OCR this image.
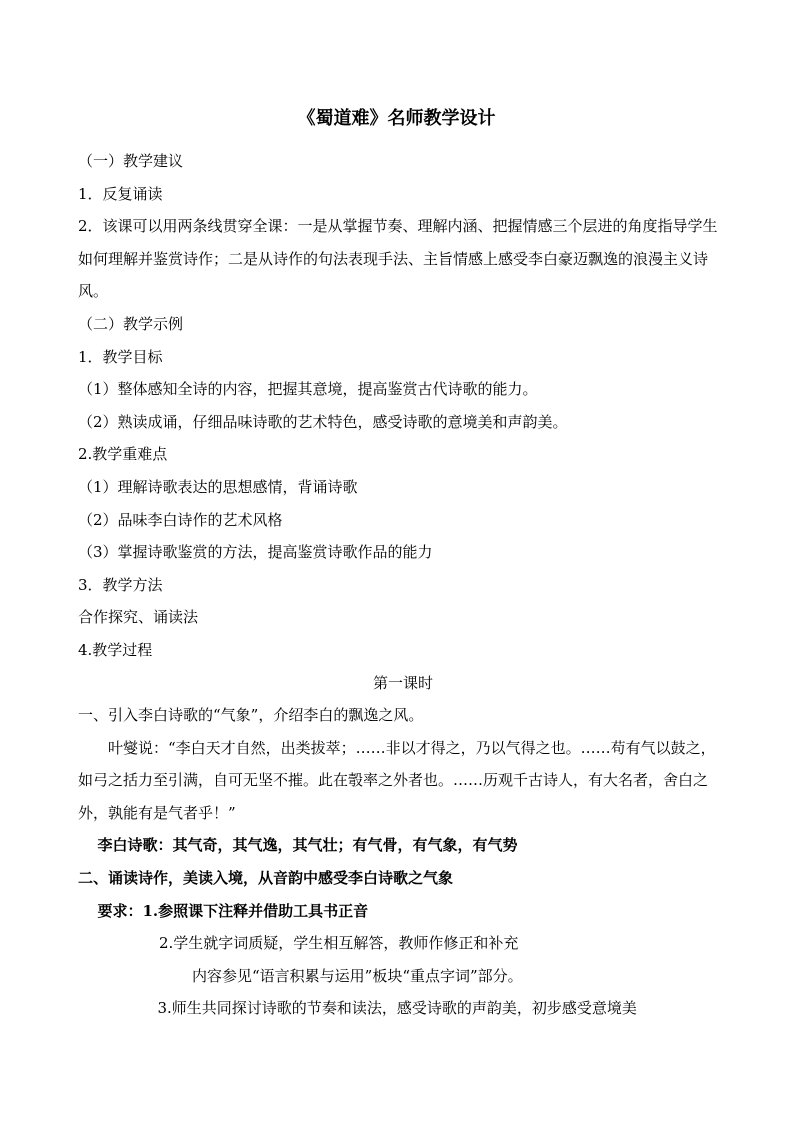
《蜀道难》名师教学设计

（一）教学建议

1．反复诵读

2．该课可以用两条线贯穿全课：一是从掌握节奏、理解内涵、把握情感三个层进的角度指导学生如何理解并鉴赏诗作；二是从诗作的句法表现手法、主旨情感上感受李白豪迈飘逸的浪漫主义诗风。

（二）教学示例

1．教学目标

（1）整体感知全诗的内容，把握其意境，提高鉴赏古代诗歌的能力。

（2）熟读成诵，仔细品味诗歌的艺术特色，感受诗歌的意境美和声韵美。

2.教学重难点

（1）理解诗歌表达的思想感情，背诵诗歌

（2）品味李白诗作的艺术风格

（3）掌握诗歌鉴赏的方法，提高鉴赏诗歌作品的能力

3．教学方法

合作探究、诵读法

4.教学过程

第一课时

一、引入李白诗歌的“气象”，介绍李白的飘逸之风。

叶燮说：“李白天才自然，出类拔萃；……非以才得之，乃以气得之也。……苟有气以鼓之，如弓之括力至引满，自可无坚不摧。此在彀率之外者也。……历观千古诗人，有大名者，舍白之外，孰能有是气者乎！”

李白诗歌：其气奇，其气逸，其气壮；有气骨，有气象，有气势

二、诵读诗作，美读入境，从音韵中感受李白诗歌之气象

要求：1.参照课下注释并借助工具书正音

2.学生就字词质疑，学生相互解答，教师作修正和补充

内容参见“语言积累与运用”板块“重点字词”部分。

3.师生共同探讨诗歌的节奏和读法，感受诗歌的声韵美，初步感受意境美
